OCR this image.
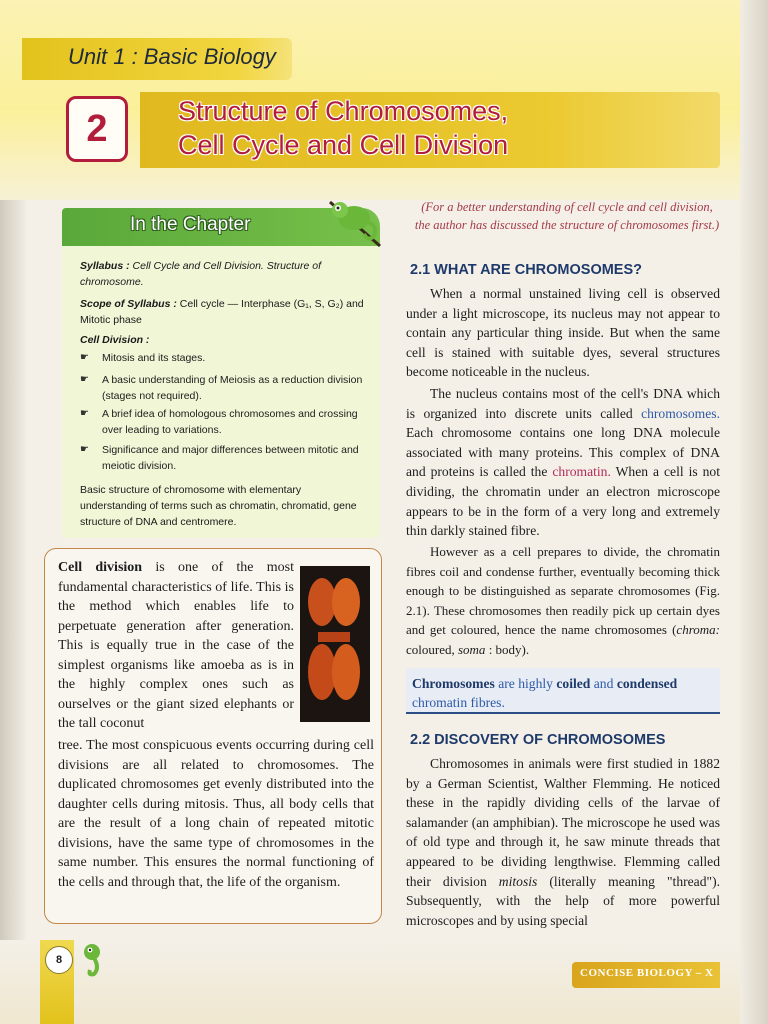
Unit 1 : Basic Biology
2	Structure of Chromosomes,
Cell Cycle and Cell Division
In the Chapter
Syllabus : Cell Cycle and Cell Division. Structure of chromosome.
Scope of Syllabus : Cell cycle — Interphase (G₁, S, G₂) and Mitotic phase
Cell Division :
☛ Mitosis and its stages.
☛ A basic understanding of Meiosis as a reduction division (stages not required).
☛ A brief idea of homologous chromosomes and crossing over leading to variations.
☛ Significance and major differences between mitotic and meiotic division.
Basic structure of chromosome with elementary understanding of terms such as chromatin, chromatid, gene structure of DNA and centromere.
Cell division is one of the most fundamental characteristics of life. This is the method which enables life to perpetuate generation after generation. This is equally true in the case of the simplest organisms like amoeba as is in the highly complex ones such as ourselves or the giant sized elephants or the tall coconut
tree. The most conspicuous events occurring during cell divisions are all related to chromosomes. The duplicated chromosomes get evenly distributed into the daughter cells during mitosis. Thus, all body cells that are the result of a long chain of repeated mitotic divisions, have the same type of chromosomes in the same number. This ensures the normal functioning of the cells and through that, the life of the organism.
(For a better understanding of cell cycle and cell division, the author has discussed the structure of chromosomes first.)
2.1 WHAT ARE CHROMOSOMES?
When a normal unstained living cell is observed under a light microscope, its nucleus may not appear to contain any particular thing inside. But when the same cell is stained with suitable dyes, several structures become noticeable in the nucleus.
The nucleus contains most of the cell's DNA which is organized into discrete units called chromosomes. Each chromosome contains one long DNA molecule associated with many proteins. This complex of DNA and proteins is called the chromatin. When a cell is not dividing, the chromatin under an electron microscope appears to be in the form of a very long and extremely thin darkly stained fibre.
However as a cell prepares to divide, the chromatin fibres coil and condense further, eventually becoming thick enough to be distinguished as separate chromosomes (Fig. 2.1). These chromosomes then readily pick up certain dyes and get coloured, hence the name chromosomes (chroma: coloured, soma : body).
Chromosomes are highly coiled and condensed chromatin fibres.
2.2 DISCOVERY OF CHROMOSOMES
Chromosomes in animals were first studied in 1882 by a German Scientist, Walther Flemming. He noticed these in the rapidly dividing cells of the larvae of salamander (an amphibian). The microscope he used was of old type and through it, he saw minute threads that appeared to be dividing lengthwise. Flemming called their division mitosis (literally meaning "thread"). Subsequently, with the help of more powerful microscopes and by using special
8
CONCISE BIOLOGY – X
